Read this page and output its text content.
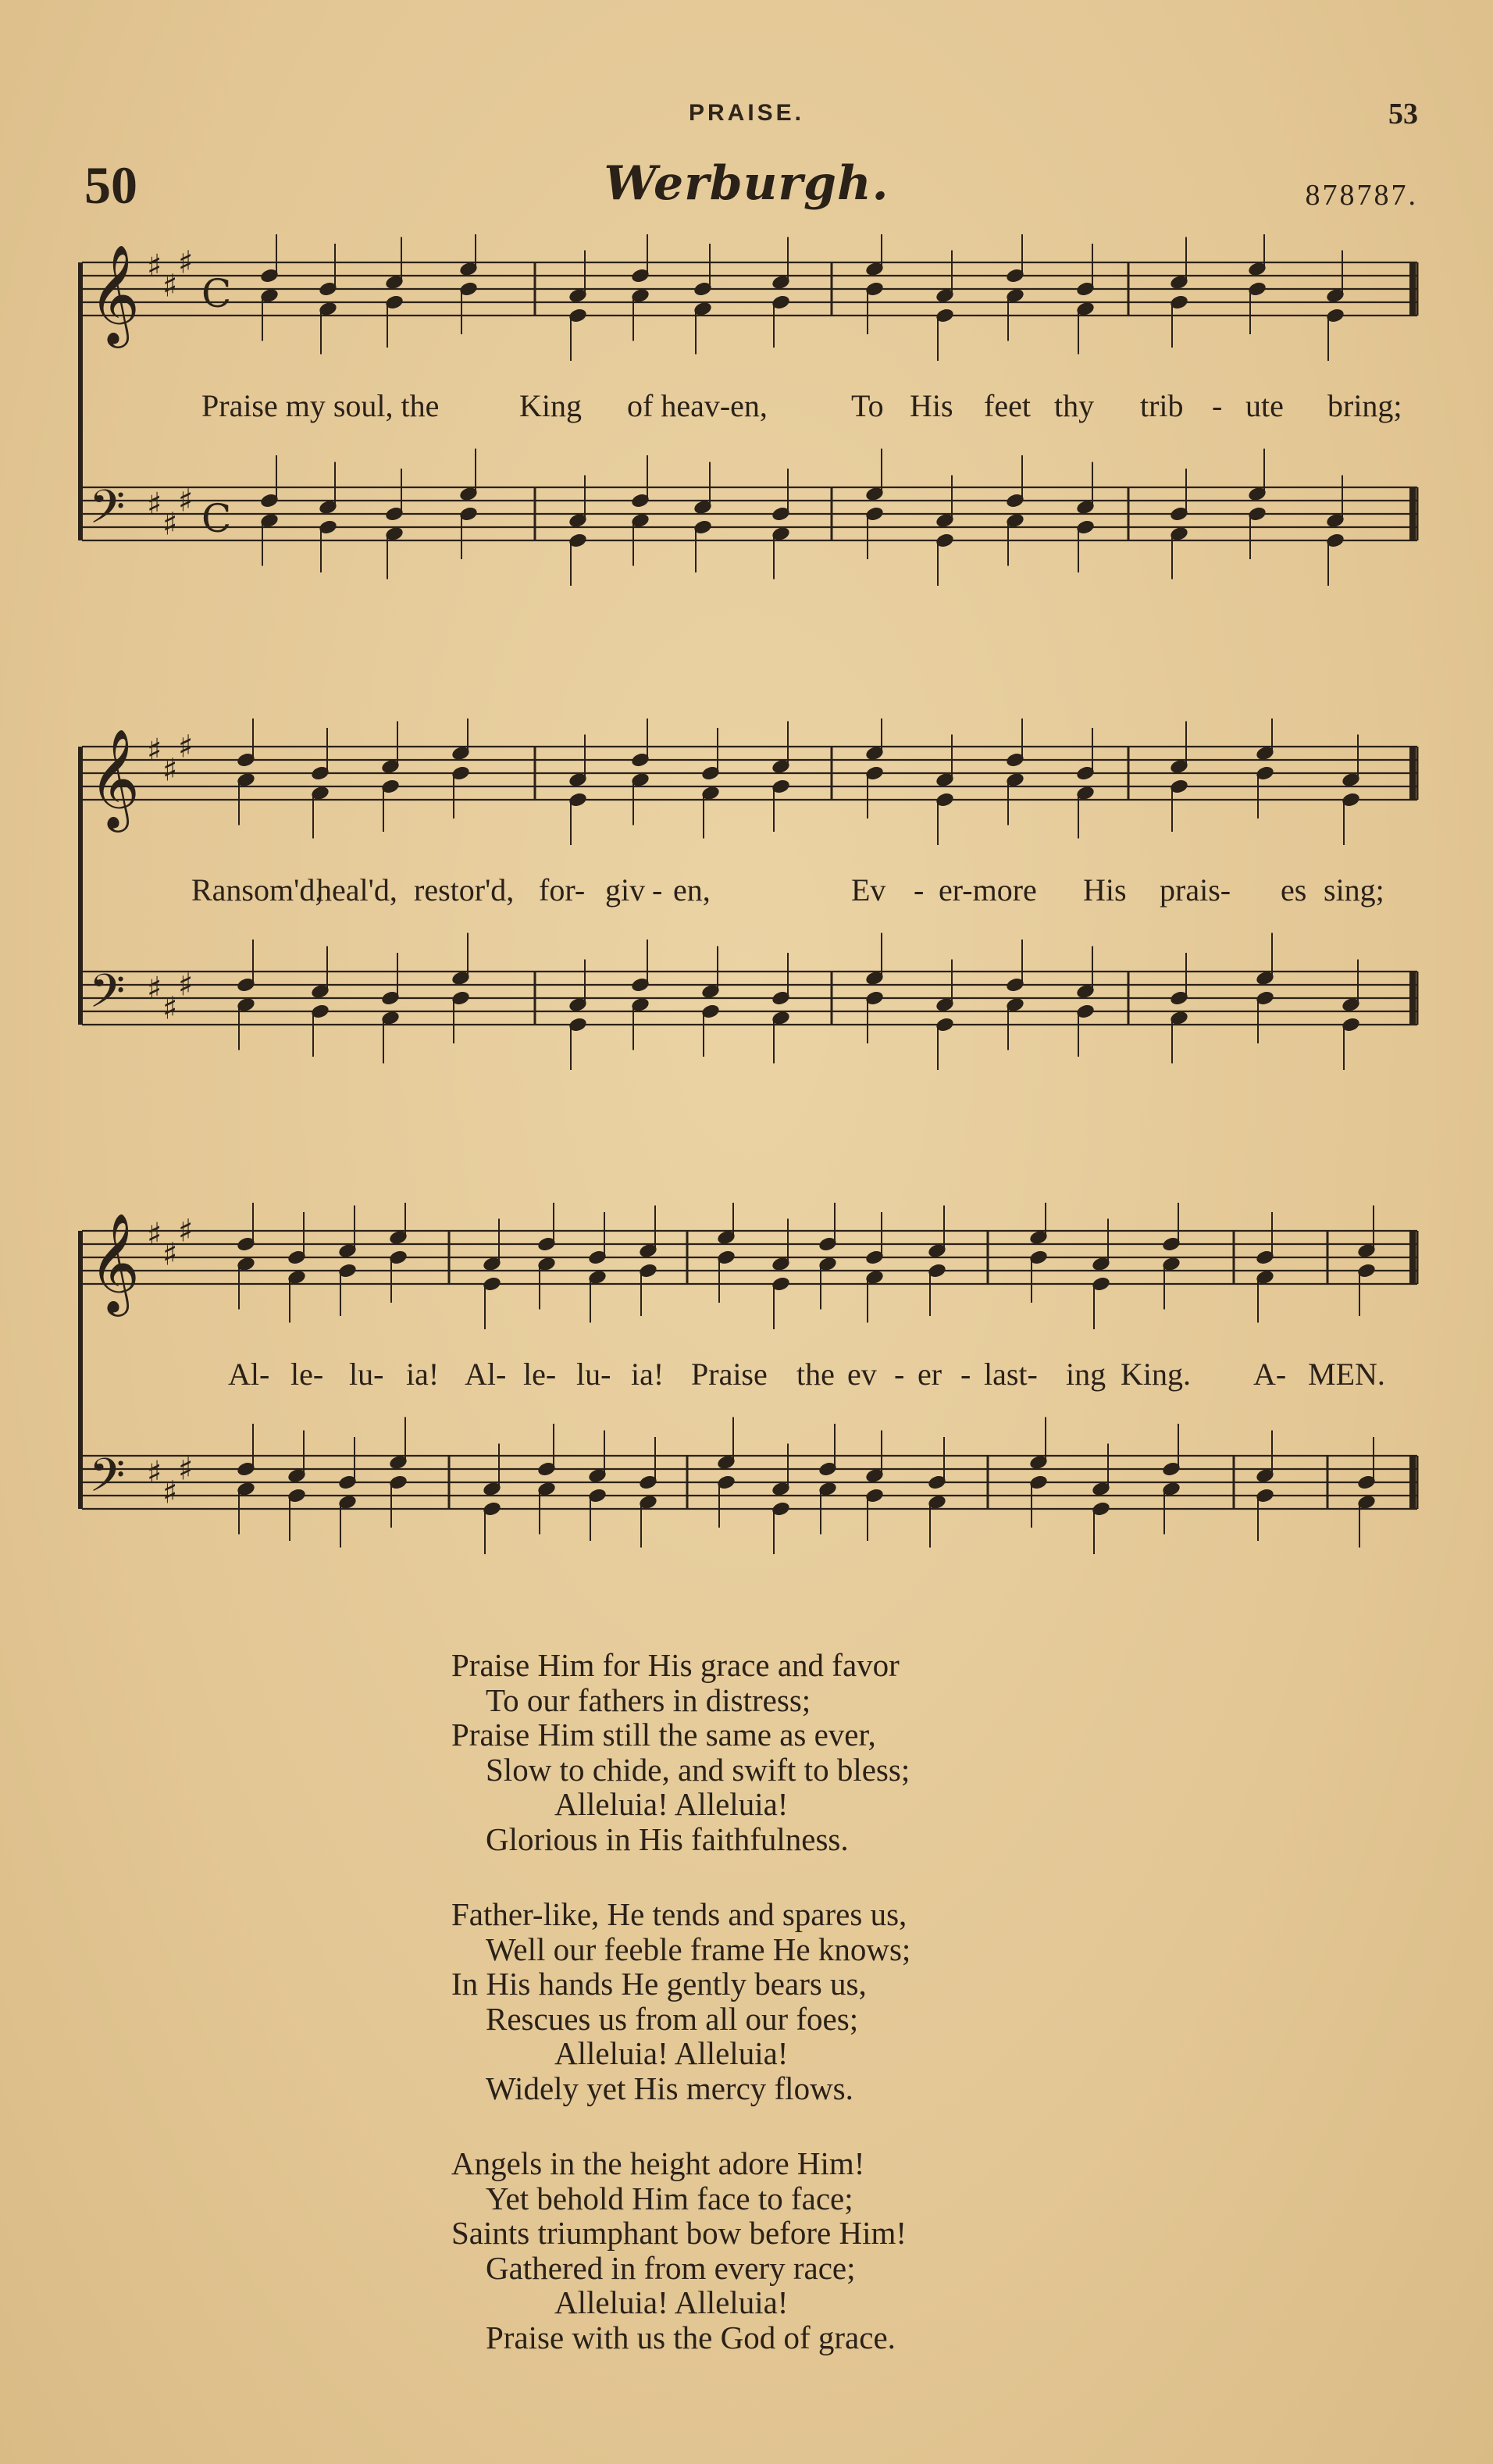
PRAISE.	53
50	Werburgh.	878787.
𝄞 ♯
♯
♯
C
𝄢 ♯
♯
♯ C
Praise my soul, the	King of heav-en,	To His feet thy trib - ute bring;
𝄞 ♯
♯
♯
𝄢 ♯
♯
♯
Ransom'd,
heal'd, restor'd, for- giv - en,	Ev - er-more His prais- es sing;
𝄞 ♯
♯
♯
𝄢 ♯
♯
♯
Al- le- lu- ia! Al- le- lu- ia! Praise the ev - er - last- ing King. A- MEN.
Praise Him for His grace and favor
To our fathers in distress;
Praise Him still the same as ever,
Slow to chide, and swift to bless;
Alleluia! Alleluia!
Glorious in His faithfulness.
Father-like, He tends and spares us,
Well our feeble frame He knows;
In His hands He gently bears us,
Rescues us from all our foes;
Alleluia! Alleluia!
Widely yet His mercy flows.
Angels in the height adore Him!
Yet behold Him face to face;
Saints triumphant bow before Him!
Gathered in from every race;
Alleluia! Alleluia!
Praise with us the God of grace.
